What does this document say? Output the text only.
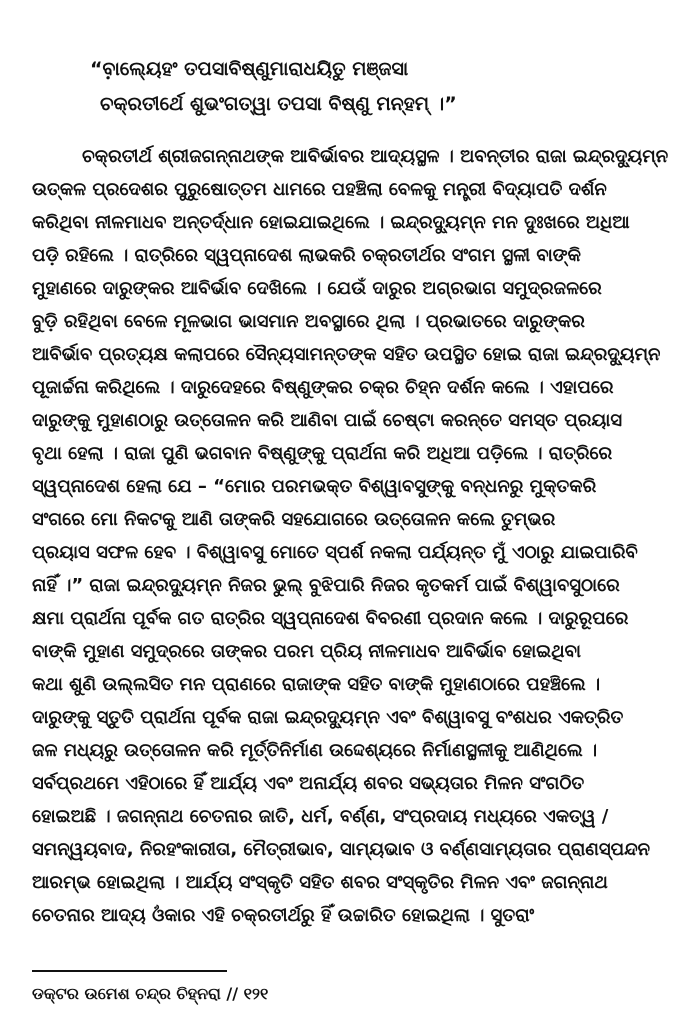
“ବାଲ୍ୟେ଼ହଂ ତପସାବିଷ୍ଣୁମାରାଧୟିତୁ ମଞ୍ଜସା
ଚକ୍ରତୀର୍ଥେ ଶୁଭଂଗତ୍ୱା ତପସା ବିଷ୍ଣୁ ମନ୍ହମ୍ ।”
ଚକ୍ରତୀର୍ଥ ଶ୍ରୀଜଗନ୍ନାଥଙ୍କ ଆବିର୍ଭାବର ଆଦ୍ୟସ୍ଥଳ । ଅବନ୍ତୀର ରାଜା ଇନ୍ଦ୍ରଦ୍ୟୁମ୍ନ
ଉତ୍କଳ ପ୍ରଦେଶର ପୁରୁଷୋତ୍ତମ ଧାମରେ ପହଞ୍ଚିଲା ବେଳକୁ ମନ୍ତ୍ରୀ ବିଦ୍ୟାପତି ଦର୍ଶନ
କରିଥିବା ନୀଳମାଧବ ଅନ୍ତର୍ଦ୍ଧାନ ହୋଇଯାଇଥିଲେ । ଇନ୍ଦ୍ରଦ୍ୟୁମ୍ନ ମନ ଦୁଃଖରେ ଅଧିଆ
ପଡ଼ି ରହିଲେ । ରାତ୍ରିରେ ସ୍ୱପ୍ନାଦେଶ ଲାଭକରି ଚକ୍ରତୀର୍ଥର ସଂଗମ ସ୍ଥଳୀ ବାଙ୍କି
ମୁହାଣରେ ଦାରୁଙ୍କର ଆବିର୍ଭାବ ଦେଖିଲେ । ଯେଉଁ ଦାରୁର ଅଗ୍ରଭାଗ ସମୁଦ୍ରଜଳରେ
ବୁଡ଼ି ରହିଥିବା ବେଳେ ମୂଳଭାଗ ଭାସମାନ ଅବସ୍ଥାରେ ଥିଲା । ପ୍ରଭାତରେ ଦାରୁଙ୍କର
ଆବିର୍ଭାବ ପ୍ରତ୍ୟକ୍ଷ କଲାପରେ ସୈନ୍ୟସାମନ୍ତଙ୍କ ସହିତ ଉପସ୍ଥିତ ହୋଇ ରାଜା ଇନ୍ଦ୍ରଦ୍ୟୁମ୍ନ
ପୂଜାର୍ଚ୍ଚନା କରିଥିଲେ । ଦାରୁଦେହରେ ବିଷ୍ଣୁଙ୍କର ଚକ୍ର ଚିହ୍ନ ଦର୍ଶନ କଲେ । ଏହାପରେ
ଦାରୁଙ୍କୁ ମୁହାଣଠାରୁ ଉତ୍ତୋଳନ କରି ଆଣିବା ପାଇଁ ଚେଷ୍ଟା କରନ୍ତେ ସମସ୍ତ ପ୍ରୟାସ
ବୃଥା ହେଲା । ରାଜା ପୁଣି ଭଗବାନ ବିଷ୍ଣୁଙ୍କୁ ପ୍ରାର୍ଥନା କରି ଅଧିଆ ପଡ଼ିଲେ । ରାତ୍ରିରେ
ସ୍ୱପ୍ନାଦେଶ ହେଲା ଯେ – “ମୋର ପରମଭକ୍ତ ବିଶ୍ୱାବସୁଙ୍କୁ ବନ୍ଧନରୁ ମୁକ୍ତକରି
ସଂଗରେ ମୋ ନିକଟକୁ ଆଣି ତାଙ୍କରି ସହଯୋଗରେ ଉତ୍ତୋଳନ କଲେ ତୁମ୍ଭର
ପ୍ରୟାସ ସଫଳ ହେବ । ବିଶ୍ୱାବସୁ ମୋତେ ସ୍ପର୍ଶ ନକଲା ପର୍ଯ୍ୟନ୍ତ ମୁଁ ଏଠାରୁ ଯାଇପାରିବି
ନାହିଁ ।” ରାଜା ଇନ୍ଦ୍ରଦ୍ୟୁମ୍ନ ନିଜର ଭୁଲ୍ ବୁଝିପାରି ନିଜର କୃତକର୍ମ ପାଇଁ ବିଶ୍ୱାବସୁଠାରେ
କ୍ଷମା ପ୍ରାର୍ଥନା ପୂର୍ବକ ଗତ ରାତ୍ରିର ସ୍ୱପ୍ନାଦେଶ ବିବରଣୀ ପ୍ରଦାନ କଲେ । ଦାରୁରୂପରେ
ବାଙ୍କି ମୁହାଣ ସମୁଦ୍ରରେ ତାଙ୍କର ପରମ ପ୍ରିୟ ନୀଳମାଧବ ଆବିର୍ଭାବ ହୋଇଥିବା
କଥା ଶୁଣି ଉଲ୍ଲସିତ ମନ ପ୍ରାଣରେ ରାଜାଙ୍କ ସହିତ ବାଙ୍କି ମୁହାଣଠାରେ ପହଞ୍ଚିଲେ ।
ଦାରୁଙ୍କୁ ସ୍ତୁତି ପ୍ରାର୍ଥନା ପୂର୍ବକ ରାଜା ଇନ୍ଦ୍ରଦ୍ୟୁମ୍ନ ଏବଂ ବିଶ୍ୱାବସୁ ବଂଶଧର ଏକତ୍ରିତ
ଜଳ ମଧ୍ୟରୁ ଉତ୍ତୋଳନ କରି ମୂର୍ତ୍ତିନିର୍ମାଣ ଉଦ୍ଦେଶ୍ୟରେ ନିର୍ମାଣସ୍ଥଳୀକୁ ଆଣିଥିଲେ ।
ସର୍ବପ୍ରଥମେ ଏହିଠାରେ ହିଁ ଆର୍ଯ୍ୟ ଏବଂ ଅନାର୍ଯ୍ୟ ଶବର ସଭ୍ୟତାର ମିଳନ ସଂଗଠିତ
ହୋଇଅଛି । ଜଗନ୍ନାଥ ଚେତନାର ଜାତି, ଧର୍ମ, ବର୍ଣ୍ଣ, ସଂପ୍ରଦାୟ ମଧ୍ୟରେ ଏକତ୍ୱ /
ସମନ୍ୱୟବାଦ, ନିରହଂକାରୀତା, ମୈତ୍ରୀଭାବ, ସାମ୍ୟଭାବ ଓ ବର୍ଣ୍ଣସାମ୍ୟତାର ପ୍ରାଣସ୍ପନ୍ଦନ
ଆରମ୍ଭ ହୋଇଥିଲା । ଆର୍ଯ୍ୟ ସଂସ୍କୃତି ସହିତ ଶବର ସଂସ୍କୃତିର ମିଳନ ଏବଂ ଜଗନ୍ନାଥ
ଚେତନାର ଆଦ୍ୟ ଓଁକାର ଏହି ଚକ୍ରତୀର୍ଥରୁ ହିଁ ଉଚ୍ଚାରିତ ହୋଇଥିଲା । ସୁତରାଂ
ଡକ୍ଟର ଉମେଶ ଚନ୍ଦ୍ର ଚିହ୍ନରା // ୧୨୧
